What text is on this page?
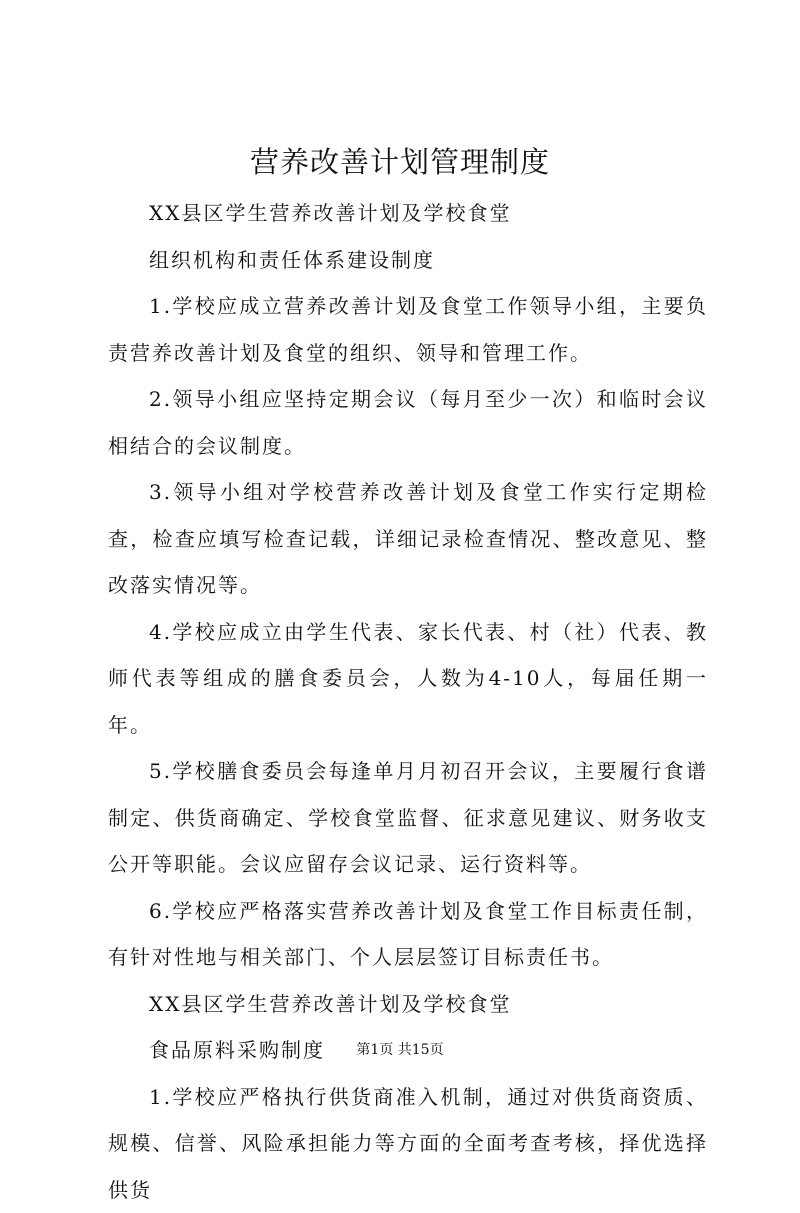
营养改善计划管理制度

XX县区学生营养改善计划及学校食堂

组织机构和责任体系建设制度

1.学校应成立营养改善计划及食堂工作领导小组，主要负责营养改善计划及食堂的组织、领导和管理工作。

2.领导小组应坚持定期会议（每月至少一次）和临时会议相结合的会议制度。

3.领导小组对学校营养改善计划及食堂工作实行定期检查，检查应填写检查记载，详细记录检查情况、整改意见、整改落实情况等。

4.学校应成立由学生代表、家长代表、村（社）代表、教师代表等组成的膳食委员会，人数为4-10人，每届任期一年。

5.学校膳食委员会每逢单月月初召开会议，主要履行食谱制定、供货商确定、学校食堂监督、征求意见建议、财务收支公开等职能。会议应留存会议记录、运行资料等。

6.学校应严格落实营养改善计划及食堂工作目标责任制，有针对性地与相关部门、个人层层签订目标责任书。

XX县区学生营养改善计划及学校食堂

食品原料采购制度

1.学校应严格执行供货商准入机制，通过对供货商资质、规模、信誉、风险承担能力等方面的全面考查考核，择优选择供货

第1页 共15页
